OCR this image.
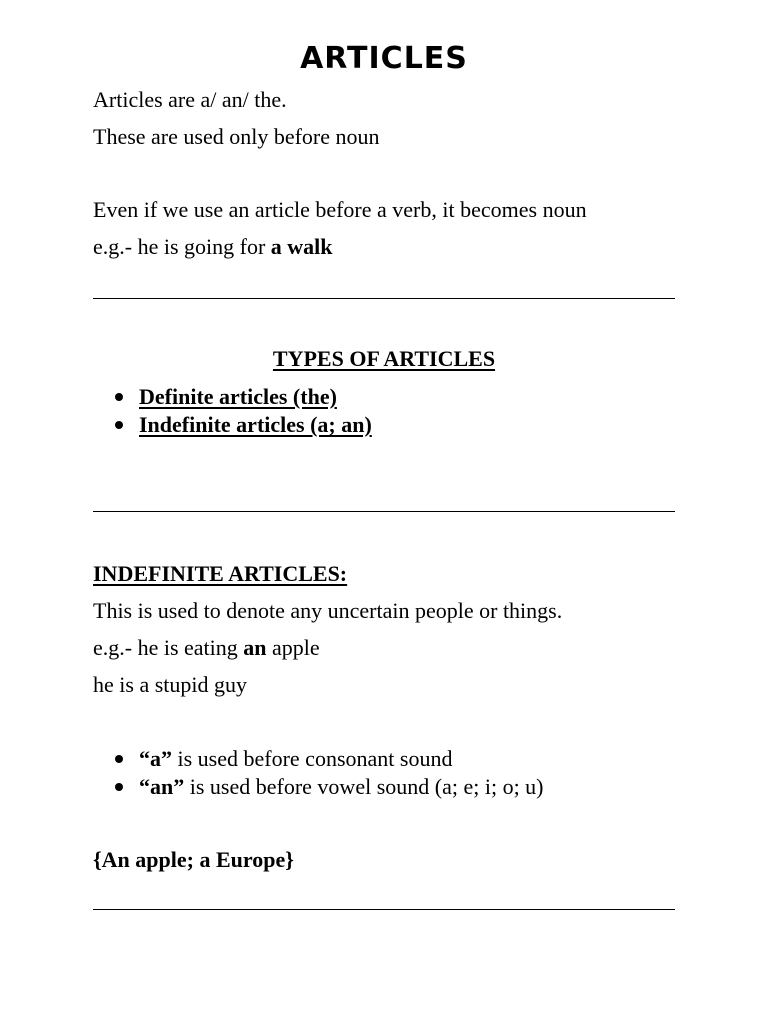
ARTICLES

Articles are a/ an/ the.

These are used only before noun

Even if we use an article before a verb, it becomes noun

e.g.- he is going for a walk

TYPES OF ARTICLES

Definite articles (the)
Indefinite articles (a; an)

INDEFINITE ARTICLES:

This is used to denote any uncertain people or things.

e.g.- he is eating an apple

he is a stupid guy

“a” is used before consonant sound
“an” is used before vowel sound (a; e; i; o; u)

{An apple; a Europe}
